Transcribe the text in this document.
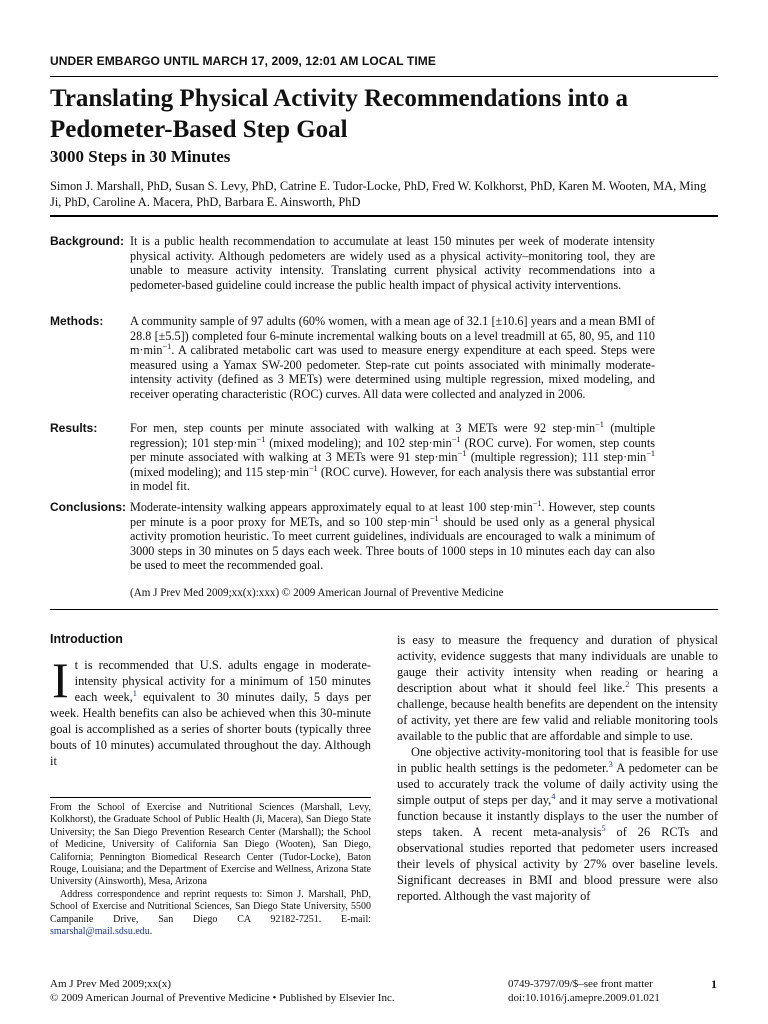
UNDER EMBARGO UNTIL MARCH 17, 2009, 12:01 AM LOCAL TIME
Translating Physical Activity Recommendations into a Pedometer-Based Step Goal
3000 Steps in 30 Minutes
Simon J. Marshall, PhD, Susan S. Levy, PhD, Catrine E. Tudor-Locke, PhD, Fred W. Kolkhorst, PhD, Karen M. Wooten, MA, Ming Ji, PhD, Caroline A. Macera, PhD, Barbara E. Ainsworth, PhD
Background: It is a public health recommendation to accumulate at least 150 minutes per week of moderate intensity physical activity. Although pedometers are widely used as a physical activity–monitoring tool, they are unable to measure activity intensity. Translating current physical activity recommendations into a pedometer-based guideline could increase the public health impact of physical activity interventions.
Methods: A community sample of 97 adults (60% women, with a mean age of 32.1 [±10.6] years and a mean BMI of 28.8 [±5.5]) completed four 6-minute incremental walking bouts on a level treadmill at 65, 80, 95, and 110 $m\cdot\min^{-1}$. A calibrated metabolic cart was used to measure energy expenditure at each speed. Steps were measured using a Yamax SW-200 pedometer. Step-rate cut points associated with minimally moderate-intensity activity (defined as 3 METs) were determined using multiple regression, mixed modeling, and receiver operating characteristic (ROC) curves. All data were collected and analyzed in 2006.
Results:	For men, step counts per minute associated with walking at 3 METs were 92 $step\cdot\min^{-1}$ (multiple regression); 101 $step\cdot\min^{-1}$ (mixed modeling); and 102 $step\cdot\min^{-1}$ (ROC curve). For women, step counts per minute associated with walking at 3 METs were 91 $step\cdot\min^{-1}$ (multiple regression); 111 $step\cdot\min^{-1}$ (mixed modeling); and 115 $step\cdot\min^{-1}$ (ROC curve). However, for each analysis there was substantial error in model fit.
Conclusions: Moderate-intensity walking appears approximately equal to at least 100 $step\cdot\min^{-1}$. However, step counts per minute is a poor proxy for METs, and so 100 $step\cdot\min^{-1}$ should be used only as a general physical activity promotion heuristic. To meet current guidelines, individuals are encouraged to walk a minimum of 3000 steps in 30 minutes on 5 days each week. Three bouts of 1000 steps in 10 minutes each day can also be used to meet the recommended goal.
(Am J Prev Med 2009;xx(x):xxx) © 2009 American Journal of Preventive Medicine
Introduction
It is recommended that U.S. adults engage in moderate-intensity physical activity for a minimum of 150 minutes each week,$^1$ equivalent to 30 minutes daily, 5 days per week. Health benefits can also be achieved when this 30-minute goal is accomplished as a series of shorter bouts (typically three bouts of 10 minutes) accumulated throughout the day. Although it

is easy to measure the frequency and duration of physical activity, evidence suggests that many individuals are unable to gauge their activity intensity when reading or hearing a description about what it should feel like.$^2$ This presents a challenge, because health benefits are dependent on the intensity of activity, yet there are few valid and reliable monitoring tools available to the public that are affordable and simple to use.

One objective activity-monitoring tool that is feasible for use in public health settings is the pedometer.$^3$ A pedometer can be used to accurately track the volume of daily activity using the simple output of steps per day,$^4$ and it may serve a motivational function because it instantly displays to the user the number of steps taken. A recent meta-analysis$^5$ of 26 RCTs and observational studies reported that pedometer users increased their levels of physical activity by 27% over baseline levels. Significant decreases in BMI and blood pressure were also reported. Although the vast majority of

From the School of Exercise and Nutritional Sciences (Marshall, Levy, Kolkhorst), the Graduate School of Public Health (Ji, Macera), San Diego State University; the San Diego Prevention Research Center (Marshall); the School of Medicine, University of California San Diego (Wooten), San Diego, California; Pennington Biomedical Research Center (Tudor-Locke), Baton Rouge, Louisiana; and the Department of Exercise and Wellness, Arizona State University (Ainsworth), Mesa, Arizona

Address correspondence and reprint requests to: Simon J. Marshall, PhD, School of Exercise and Nutritional Sciences, San Diego State University, 5500 Campanile Drive, San Diego CA 92182-7251. E-mail: smarshal@mail.sdsu.edu.

Am J Prev Med 2009;xx(x)
© 2009 American Journal of Preventive Medicine • Published by Elsevier Inc.
0749-3797/09/$–see front matter
doi:10.1016/j.amepre.2009.01.021
1
